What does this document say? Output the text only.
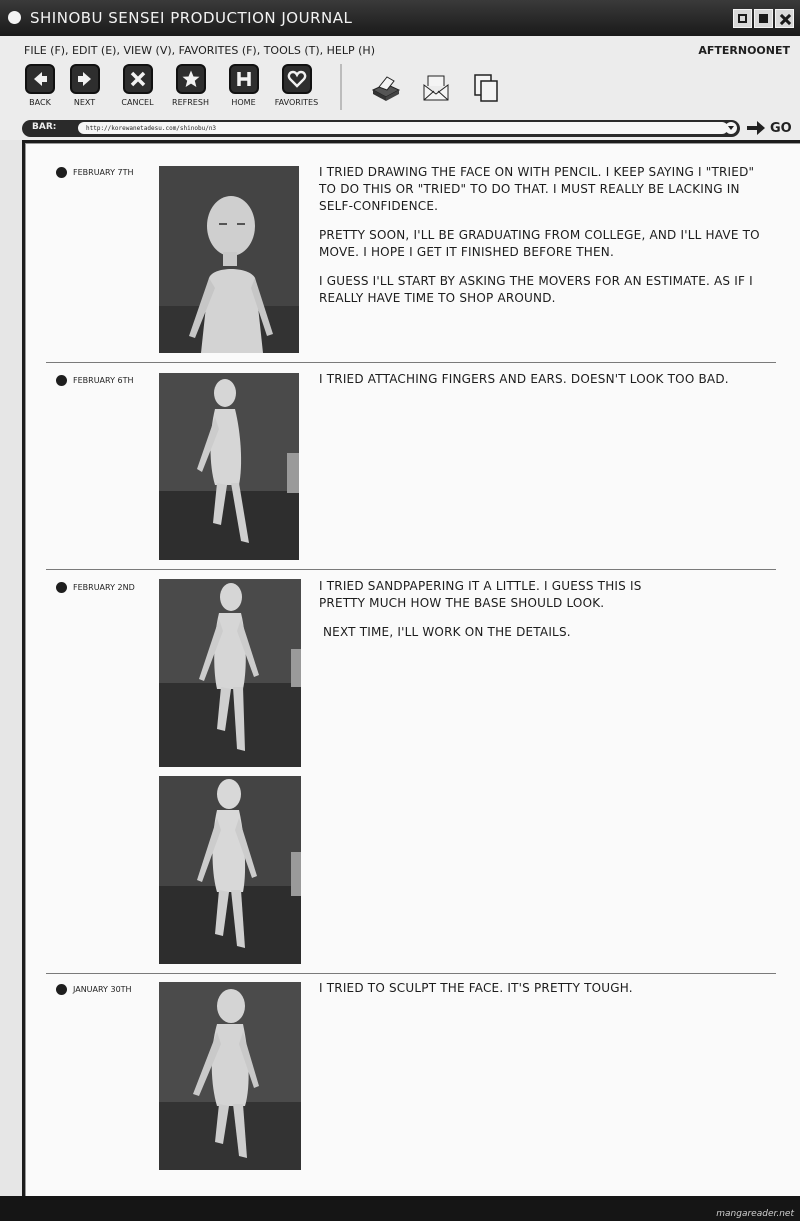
SHINOBU SENSEI PRODUCTION JOURNAL
FILE (F), EDIT (E), VIEW (V), FAVORITES (F), TOOLS (T), HELP (H)	AFTERNOONET
BACK	NEXT	CANCEL REFRESH	HOME FAVORITES
BAR:
http://korewanetadesu.com/shinobu/n3	GO
FEBRUARY 7TH	I TRIED DRAWING THE FACE ON WITH PENCIL. I KEEP SAYING I "TRIED" TO DO THIS OR "TRIED" TO DO THAT. I MUST REALLY BE LACKING IN SELF-CONFIDENCE.

PRETTY SOON, I'LL BE GRADUATING FROM COLLEGE, AND I'LL HAVE TO MOVE. I HOPE I GET IT FINISHED BEFORE THEN.

I GUESS I'LL START BY ASKING THE MOVERS FOR AN ESTIMATE. AS IF I REALLY HAVE TIME TO SHOP AROUND.

FEBRUARY 6TH	I TRIED ATTACHING FINGERS AND EARS. DOESN'T LOOK TOO BAD.

FEBRUARY 2ND	I TRIED SANDPAPERING IT A LITTLE. I GUESS THIS IS PRETTY MUCH HOW THE BASE SHOULD LOOK.

NEXT TIME, I'LL WORK ON THE DETAILS.

JANUARY 30TH	I TRIED TO SCULPT THE FACE. IT'S PRETTY TOUGH.

mangareader.net
